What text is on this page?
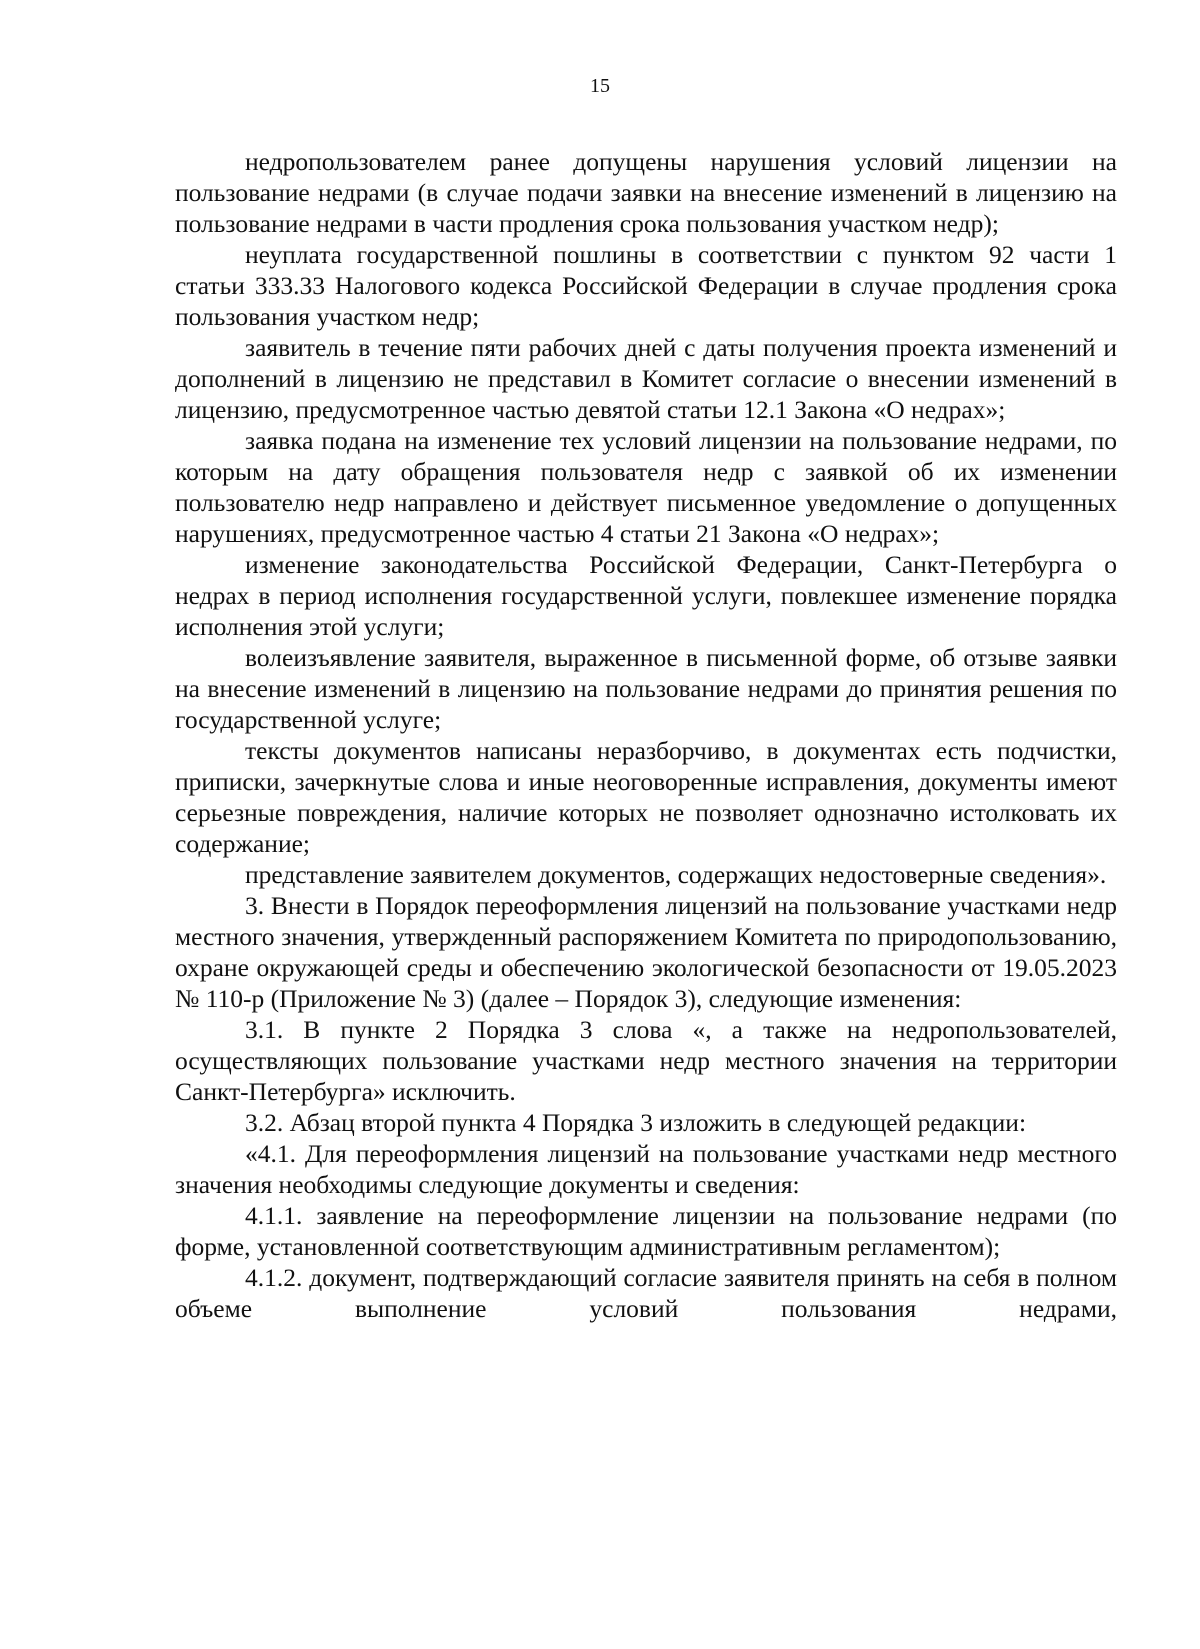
15

недропользователем ранее допущены нарушения условий лицензии на пользование недрами (в случае подачи заявки на внесение изменений в лицензию на пользование недрами в части продления срока пользования участком недр);

неуплата государственной пошлины в соответствии с пунктом 92 части 1 статьи 333.33 Налогового кодекса Российской Федерации в случае продления срока пользования участком недр;

заявитель в течение пяти рабочих дней с даты получения проекта изменений и дополнений в лицензию не представил в Комитет согласие о внесении изменений в лицензию, предусмотренное частью девятой статьи 12.1 Закона «О недрах»;

заявка подана на изменение тех условий лицензии на пользование недрами, по которым на дату обращения пользователя недр с заявкой об их изменении пользователю недр направлено и действует письменное уведомление о допущенных нарушениях, предусмотренное частью 4 статьи 21 Закона «О недрах»;

изменение законодательства Российской Федерации, Санкт-Петербурга о недрах в период исполнения государственной услуги, повлекшее изменение порядка исполнения этой услуги;

волеизъявление заявителя, выраженное в письменной форме, об отзыве заявки на внесение изменений в лицензию на пользование недрами до принятия решения по государственной услуге;

тексты документов написаны неразборчиво, в документах есть подчистки, приписки, зачеркнутые слова и иные неоговоренные исправления, документы имеют серьезные повреждения, наличие которых не позволяет однозначно истолковать их содержание;

представление заявителем документов, содержащих недостоверные сведения».

3. Внести в Порядок переоформления лицензий на пользование участками недр местного значения, утвержденный распоряжением Комитета по природопользованию, охране окружающей среды и обеспечению экологической безопасности от 19.05.2023 № 110-р (Приложение № 3) (далее – Порядок 3), следующие изменения:

3.1. В пункте 2 Порядка 3 слова «, а также на недропользователей, осуществляющих пользование участками недр местного значения на территории Санкт-Петербурга» исключить.

3.2. Абзац второй пункта 4 Порядка 3 изложить в следующей редакции:

«4.1. Для переоформления лицензий на пользование участками недр местного значения необходимы следующие документы и сведения:

4.1.1. заявление на переоформление лицензии на пользование недрами (по форме, установленной соответствующим административным регламентом);

4.1.2. документ, подтверждающий согласие заявителя принять на себя в полном объеме выполнение условий пользования недрами,
